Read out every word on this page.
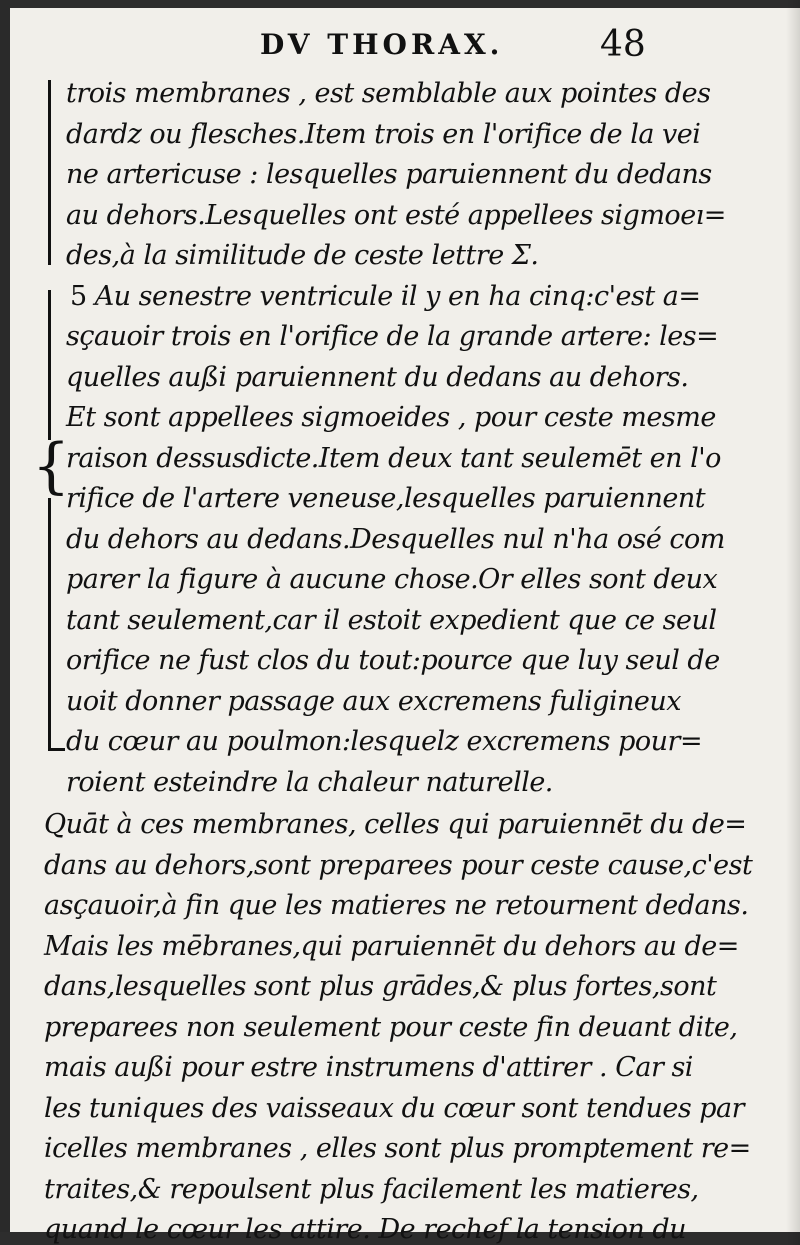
DV THORAX.	48
{
trois membranes , est semblable aux pointes des
dardz ou flesches.Item trois en l'orifice de la vei
ne artericuse : lesquelles paruiennent du dedans
au dehors.Lesquelles ont esté appellees sigmoeı=
des,à la similitude de ceste lettre Σ.
5 Au senestre ventricule il y en ha cinq:c'est a=
sçauoir trois en l'orifice de la grande artere: les=
quelles außi paruiennent du dedans au dehors.
Et sont appellees sigmoeides , pour ceste mesme
raison dessusdicte.Item deux tant seulemēt en l'o
rifice de l'artere veneuse,lesquelles paruiennent
du dehors au dedans.Desquelles nul n'ha osé com
parer la figure à aucune chose.Or elles sont deux
tant seulement,car il estoit expedient que ce seul
orifice ne fust clos du tout:pource que luy seul de
uoit donner passage aux excremens fuligineux
du cœur au poulmon:lesquelz excremens pour=
roient esteindre la chaleur naturelle.
Quāt à ces membranes, celles qui paruiennēt du de=
dans au dehors,sont preparees pour ceste cause,c'est
asçauoir,à fin que les matieres ne retournent dedans.
Mais les mēbranes,qui paruiennēt du dehors au de=
dans,lesquelles sont plus grādes,& plus fortes,sont
preparees non seulement pour ceste fin deuant dite,
mais außi pour estre instrumens d'attirer . Car si
les tuniques des vaisseaux du cœur sont tendues par
icelles membranes , elles sont plus promptement re=
traites,& repoulsent plus facilement les matieres,
quand le cœur les attire. De rechef la tension du
